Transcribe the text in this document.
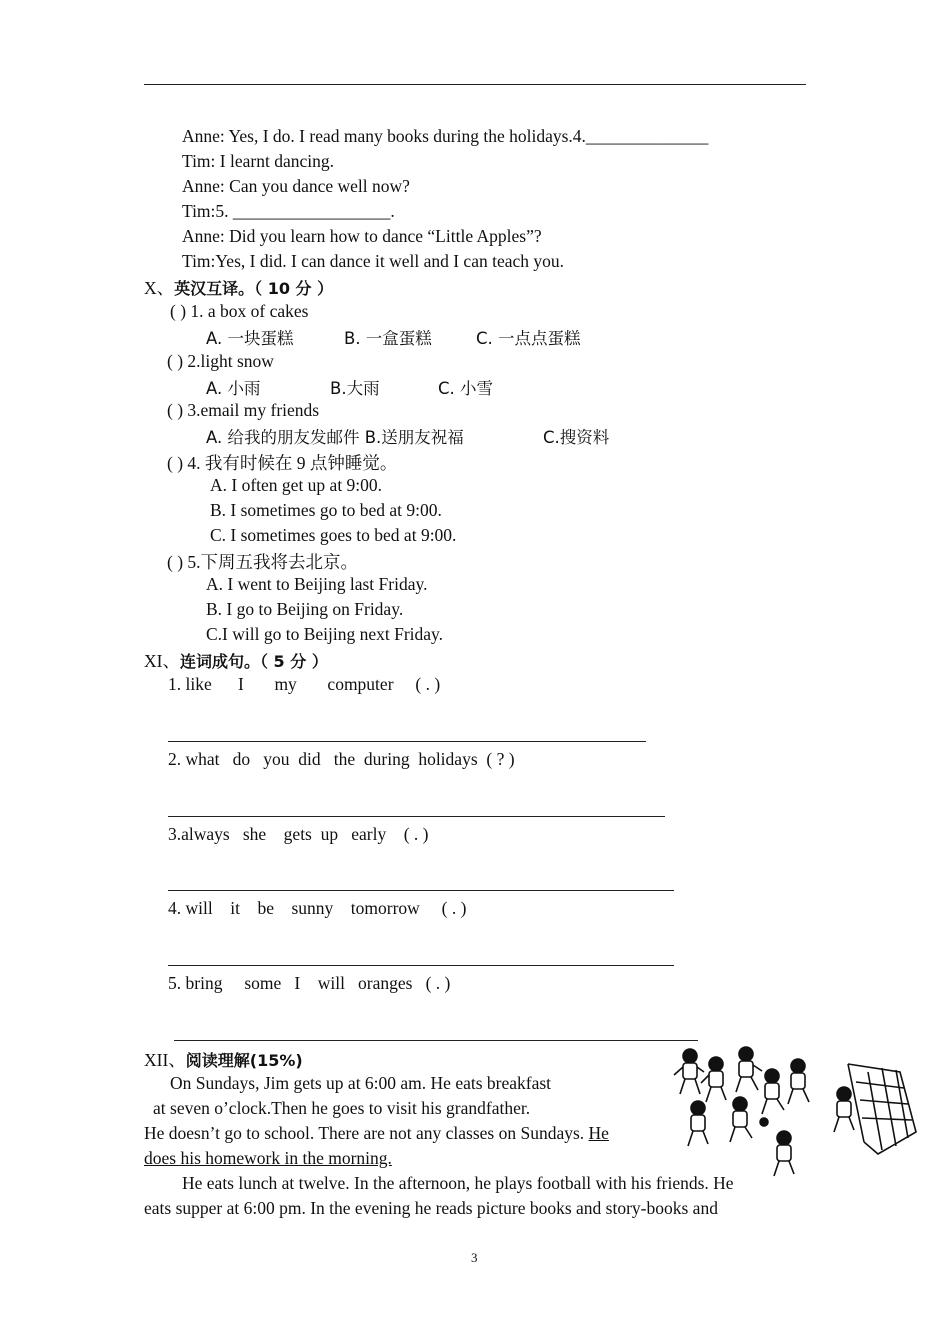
Anne: Yes, I do. I read many books during the holidays.4.______________
Tim: I learnt dancing.
Anne: Can you dance well now?
Tim:5. __________________.
Anne: Did you learn how to dance “Little Apples”?
Tim:Yes, I did. I can dance it well and I can teach you.
X、英汉互译。（ 10 分 ）
( ) 1. a box of cakes
A. 一块蛋糕	B. 一盒蛋糕	C. 一点点蛋糕
( ) 2.light snow
A. 小雨	B.大雨	C. 小雪
( ) 3.email my friends
A. 给我的朋友发邮件 B.送朋友祝福	C.搜资料
( ) 4. 我有时候在 9 点钟睡觉。
A. I often get up at 9:00.
B. I sometimes go to bed at 9:00.
C. I sometimes goes to bed at 9:00.
( ) 5.下周五我将去北京。
A. I went to Beijing last Friday.
B. I go to Beijing on Friday.
C.I will go to Beijing next Friday.
XI、连词成句。（ 5 分 ）
1. like      I       my       computer     ( . )
2. what   do   you  did   the  during  holidays  ( ? )
3.always   she    gets  up   early    ( . )
4. will    it    be    sunny    tomorrow     ( . )
5. bring     some   I    will   oranges   ( . )
XII、阅读理解(15%)
On Sundays, Jim gets up at 6:00 am. He eats breakfast
at seven o’clock.Then he goes to visit his grandfather.
He doesn’t go to school. There are not any classes on Sundays. He
does his homework in the morning.
He eats lunch at twelve. In the afternoon, he plays football with his friends. He
eats supper at 6:00 pm. In the evening he reads picture books and story-books and
3
